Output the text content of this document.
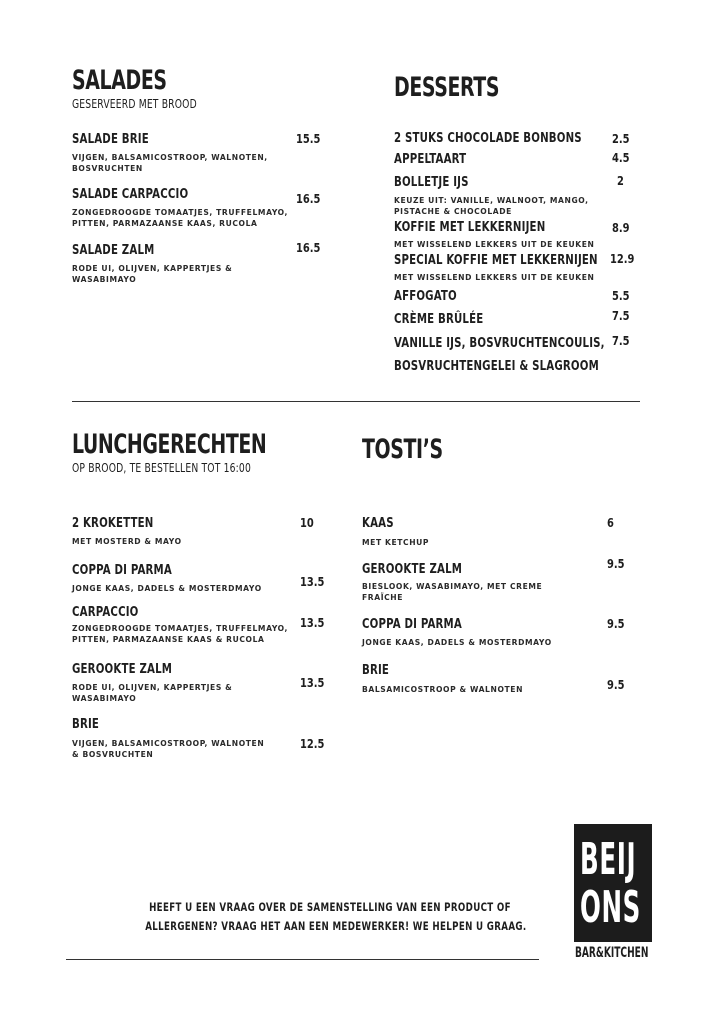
SALADES
GESERVEERD MET BROOD
SALADE BRIE
VIJGEN, BALSAMICOSTROOP, WALNOTEN,
BOSVRUCHTEN
15.5
SALADE CARPACCIO
ZONGEDROOGDE TOMAATJES, TRUFFELMAYO,
PITTEN, PARMAZAANSE KAAS, RUCOLA
16.5
SALADE ZALM
RODE UI, OLIJVEN, KAPPERTJES &
WASABIMAYO
16.5
DESSERTS
2 STUKS CHOCOLADE BONBONS 2.5
APPELTAART	4.5
BOLLETJE IJS
KEUZE UIT: VANILLE, WALNOOT, MANGO,
PISTACHE & CHOCOLADE
2
KOFFIE MET LEKKERNIJEN
MET WISSELEND LEKKERS UIT DE KEUKEN
8.9
SPECIAL KOFFIE MET LEKKERNIJEN
MET WISSELEND LEKKERS UIT DE KEUKEN
12.9
AFFOGATO	5.5
CRÈME BRÛLÉE	7.5
VANILLE IJS, BOSVRUCHTENCOULIS,
BOSVRUCHTENGELEI & SLAGROOM
7.5
LUNCHGERECHTEN
OP BROOD, TE BESTELLEN TOT 16:00
2 KROKETTEN
MET MOSTERD & MAYO
10
COPPA DI PARMA
JONGE KAAS, DADELS & MOSTERDMAYO	13.5
CARPACCIO
ZONGEDROOGDE TOMAATJES, TRUFFELMAYO,
PITTEN, PARMAZAANSE KAAS & RUCOLA
13.5
GEROOKTE ZALM
RODE UI, OLIJVEN, KAPPERTJES &
WASABIMAYO
13.5
BRIE
VIJGEN, BALSAMICOSTROOP, WALNOTEN
& BOSVRUCHTEN
12.5
TOSTI’S
KAAS
MET KETCHUP
6
GEROOKTE ZALM
BIESLOOK, WASABIMAYO, MET CREME
FRAÏCHE
9.5
COPPA DI PARMA
JONGE KAAS, DADELS & MOSTERDMAYO
9.5
BRIE
BALSAMICOSTROOP & WALNOTEN	9.5
HEEFT U EEN VRAAG OVER DE SAMENSTELLING VAN EEN PRODUCT OF
ALLERGENEN? VRAAG HET AAN EEN MEDEWERKER! WE HELPEN U GRAAG.
BEIJ
ONS
BAR&KITCHEN
